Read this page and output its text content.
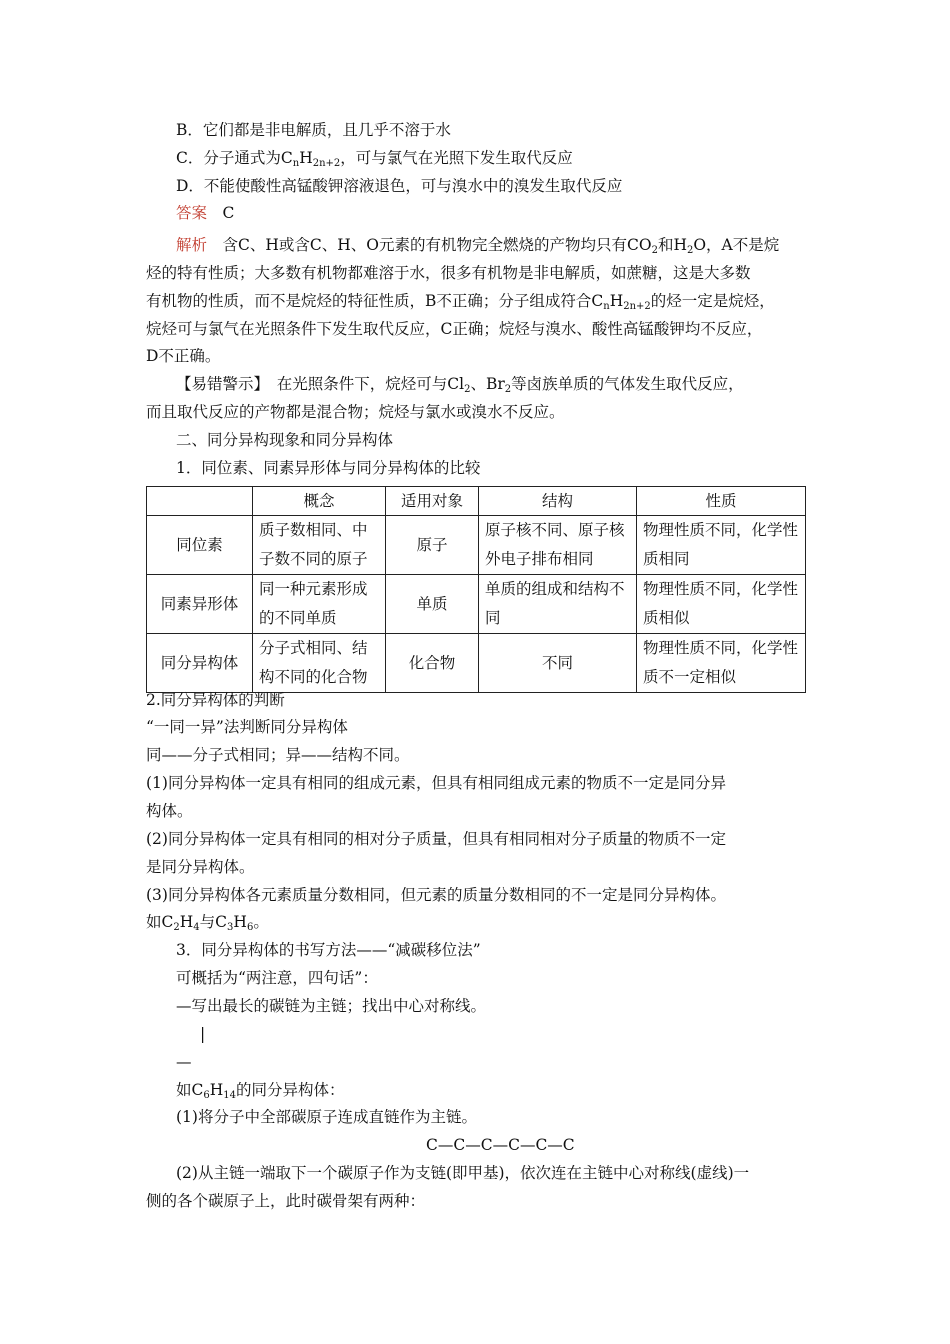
B．它们都是非电解质，且几乎不溶于水
C．分子通式为$C_nH_{2n+2}$，可与氯气在光照下发生取代反应
D．不能使酸性高锰酸钾溶液退色，可与溴水中的溴发生取代反应
答案　 C
解析　 含C、H或含C、H、O元素的有机物完全燃烧的产物均只有$CO_2$和$H_2O$，A不是烷
烃的特有性质；大多数有机物都难溶于水，很多有机物是非电解质，如蔗糖，这是大多数
有机物的性质，而不是烷烃的特征性质，B不正确；分子组成符合$C_nH_{2n+2}$的烃一定是烷烃，
烷烃可与氯气在光照条件下发生取代反应，C正确；烷烃与溴水、酸性高锰酸钾均不反应，
D不正确。
【易错警示】　 在光照条件下，烷烃可与$Cl_2$、$Br_2$等卤族单质的气体发生取代反应，
而且取代反应的产物都是混合物；烷烃与氯水或溴水不反应。
二、同分异构现象和同分异构体
1．同位素、同素异形体与同分异构体的比较
	概念	适用对象	结构	性质
同位素	质子数相同、中子数不同的原子	原子	原子核不同、原子核外电子排布相同	物理性质不同，化学性质相同
同素异形体	同一种元素形成的不同单质	单质	单质的组成和结构不同	物理性质不同，化学性质相似
同分异构体	分子式相同、结构不同的化合物	化合物	不同	物理性质不同，化学性质不一定相似
2.同分异构体的判断
“一同一异”法判断同分异构体
同——分子式相同；异——结构不同。
(1)同分异构体一定具有相同的组成元素，但具有相同组成元素的物质不一定是同分异
构体。
(2)同分异构体一定具有相同的相对分子质量，但具有相同相对分子质量的物质不一定
是同分异构体。
(3)同分异构体各元素质量分数相同，但元素的质量分数相同的不一定是同分异构体。
如$C_2H_4$与$C_3H_6$。
3．同分异构体的书写方法——“减碳移位法”
可概括为“两注意，四句话”：
—写出最长的碳链为主链；找出中心对称线。
|
—
如$C_6H_{14}$的同分异构体：
(1)将分子中全部碳原子连成直链作为主链。
C—C—C—C—C—C
(2)从主链一端取下一个碳原子作为支链(即甲基)，依次连在主链中心对称线(虚线)一
侧的各个碳原子上，此时碳骨架有两种：
